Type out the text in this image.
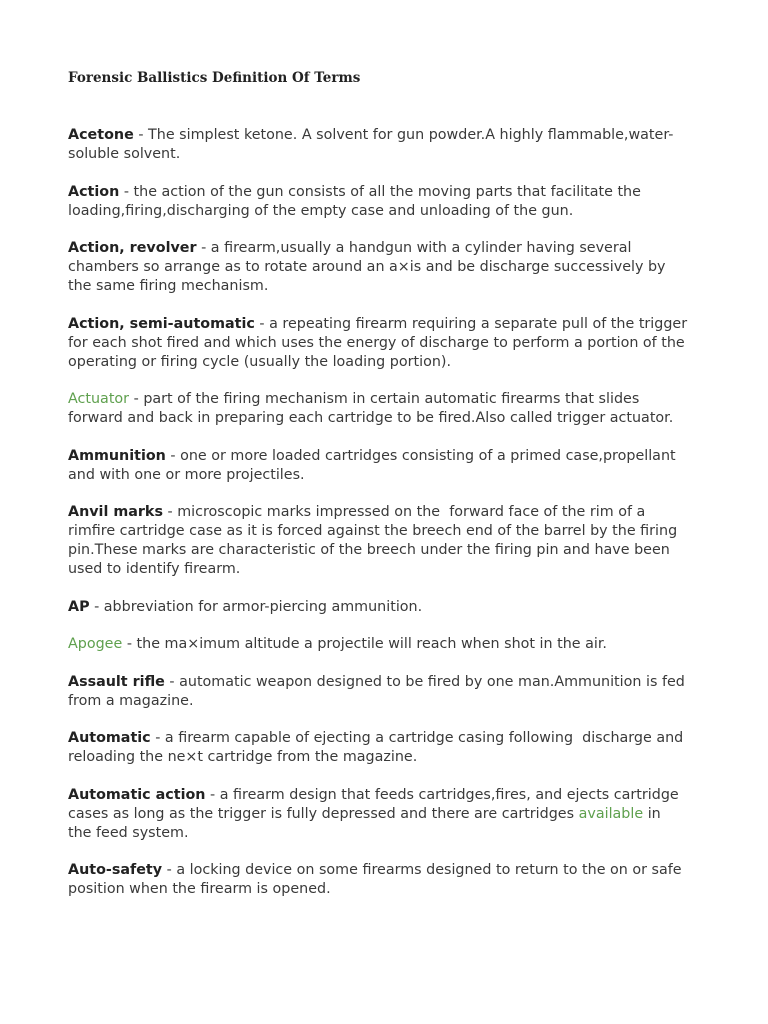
Forensic Ballistics Definition Of Terms

Acetone - The simplest ketone. A solvent for gun powder.A highly flammable,water-soluble solvent.

Action - the action of the gun consists of all the moving parts that facilitate the loading,firing,discharging of the empty case and unloading of the gun.

Action, revolver - a firearm,usually a handgun with a cylinder having several chambers so arrange as to rotate around an a×is and be discharge successively by the same firing mechanism.

Action, semi-automatic - a repeating firearm requiring a separate pull of the trigger for each shot fired and which uses the energy of discharge to perform a portion of the operating or firing cycle (usually the loading portion).

Actuator - part of the firing mechanism in certain automatic firearms that slides forward and back in preparing each cartridge to be fired.Also called trigger actuator.

Ammunition - one or more loaded cartridges consisting of a primed case,propellant and with one or more projectiles.

Anvil marks - microscopic marks impressed on the  forward face of the rim of a rimfire cartridge case as it is forced against the breech end of the barrel by the firing pin.These marks are characteristic of the breech under the firing pin and have been used to identify firearm.

AP - abbreviation for armor-piercing ammunition.

Apogee - the ma×imum altitude a projectile will reach when shot in the air.

Assault rifle - automatic weapon designed to be fired by one man.Ammunition is fed from a magazine.

Automatic - a firearm capable of ejecting a cartridge casing following  discharge and reloading the ne×t cartridge from the magazine.

Automatic action - a firearm design that feeds cartridges,fires, and ejects cartridge cases as long as the trigger is fully depressed and there are cartridges available in the feed system.

Auto-safety - a locking device on some firearms designed to return to the on or safe position when the firearm is opened.
